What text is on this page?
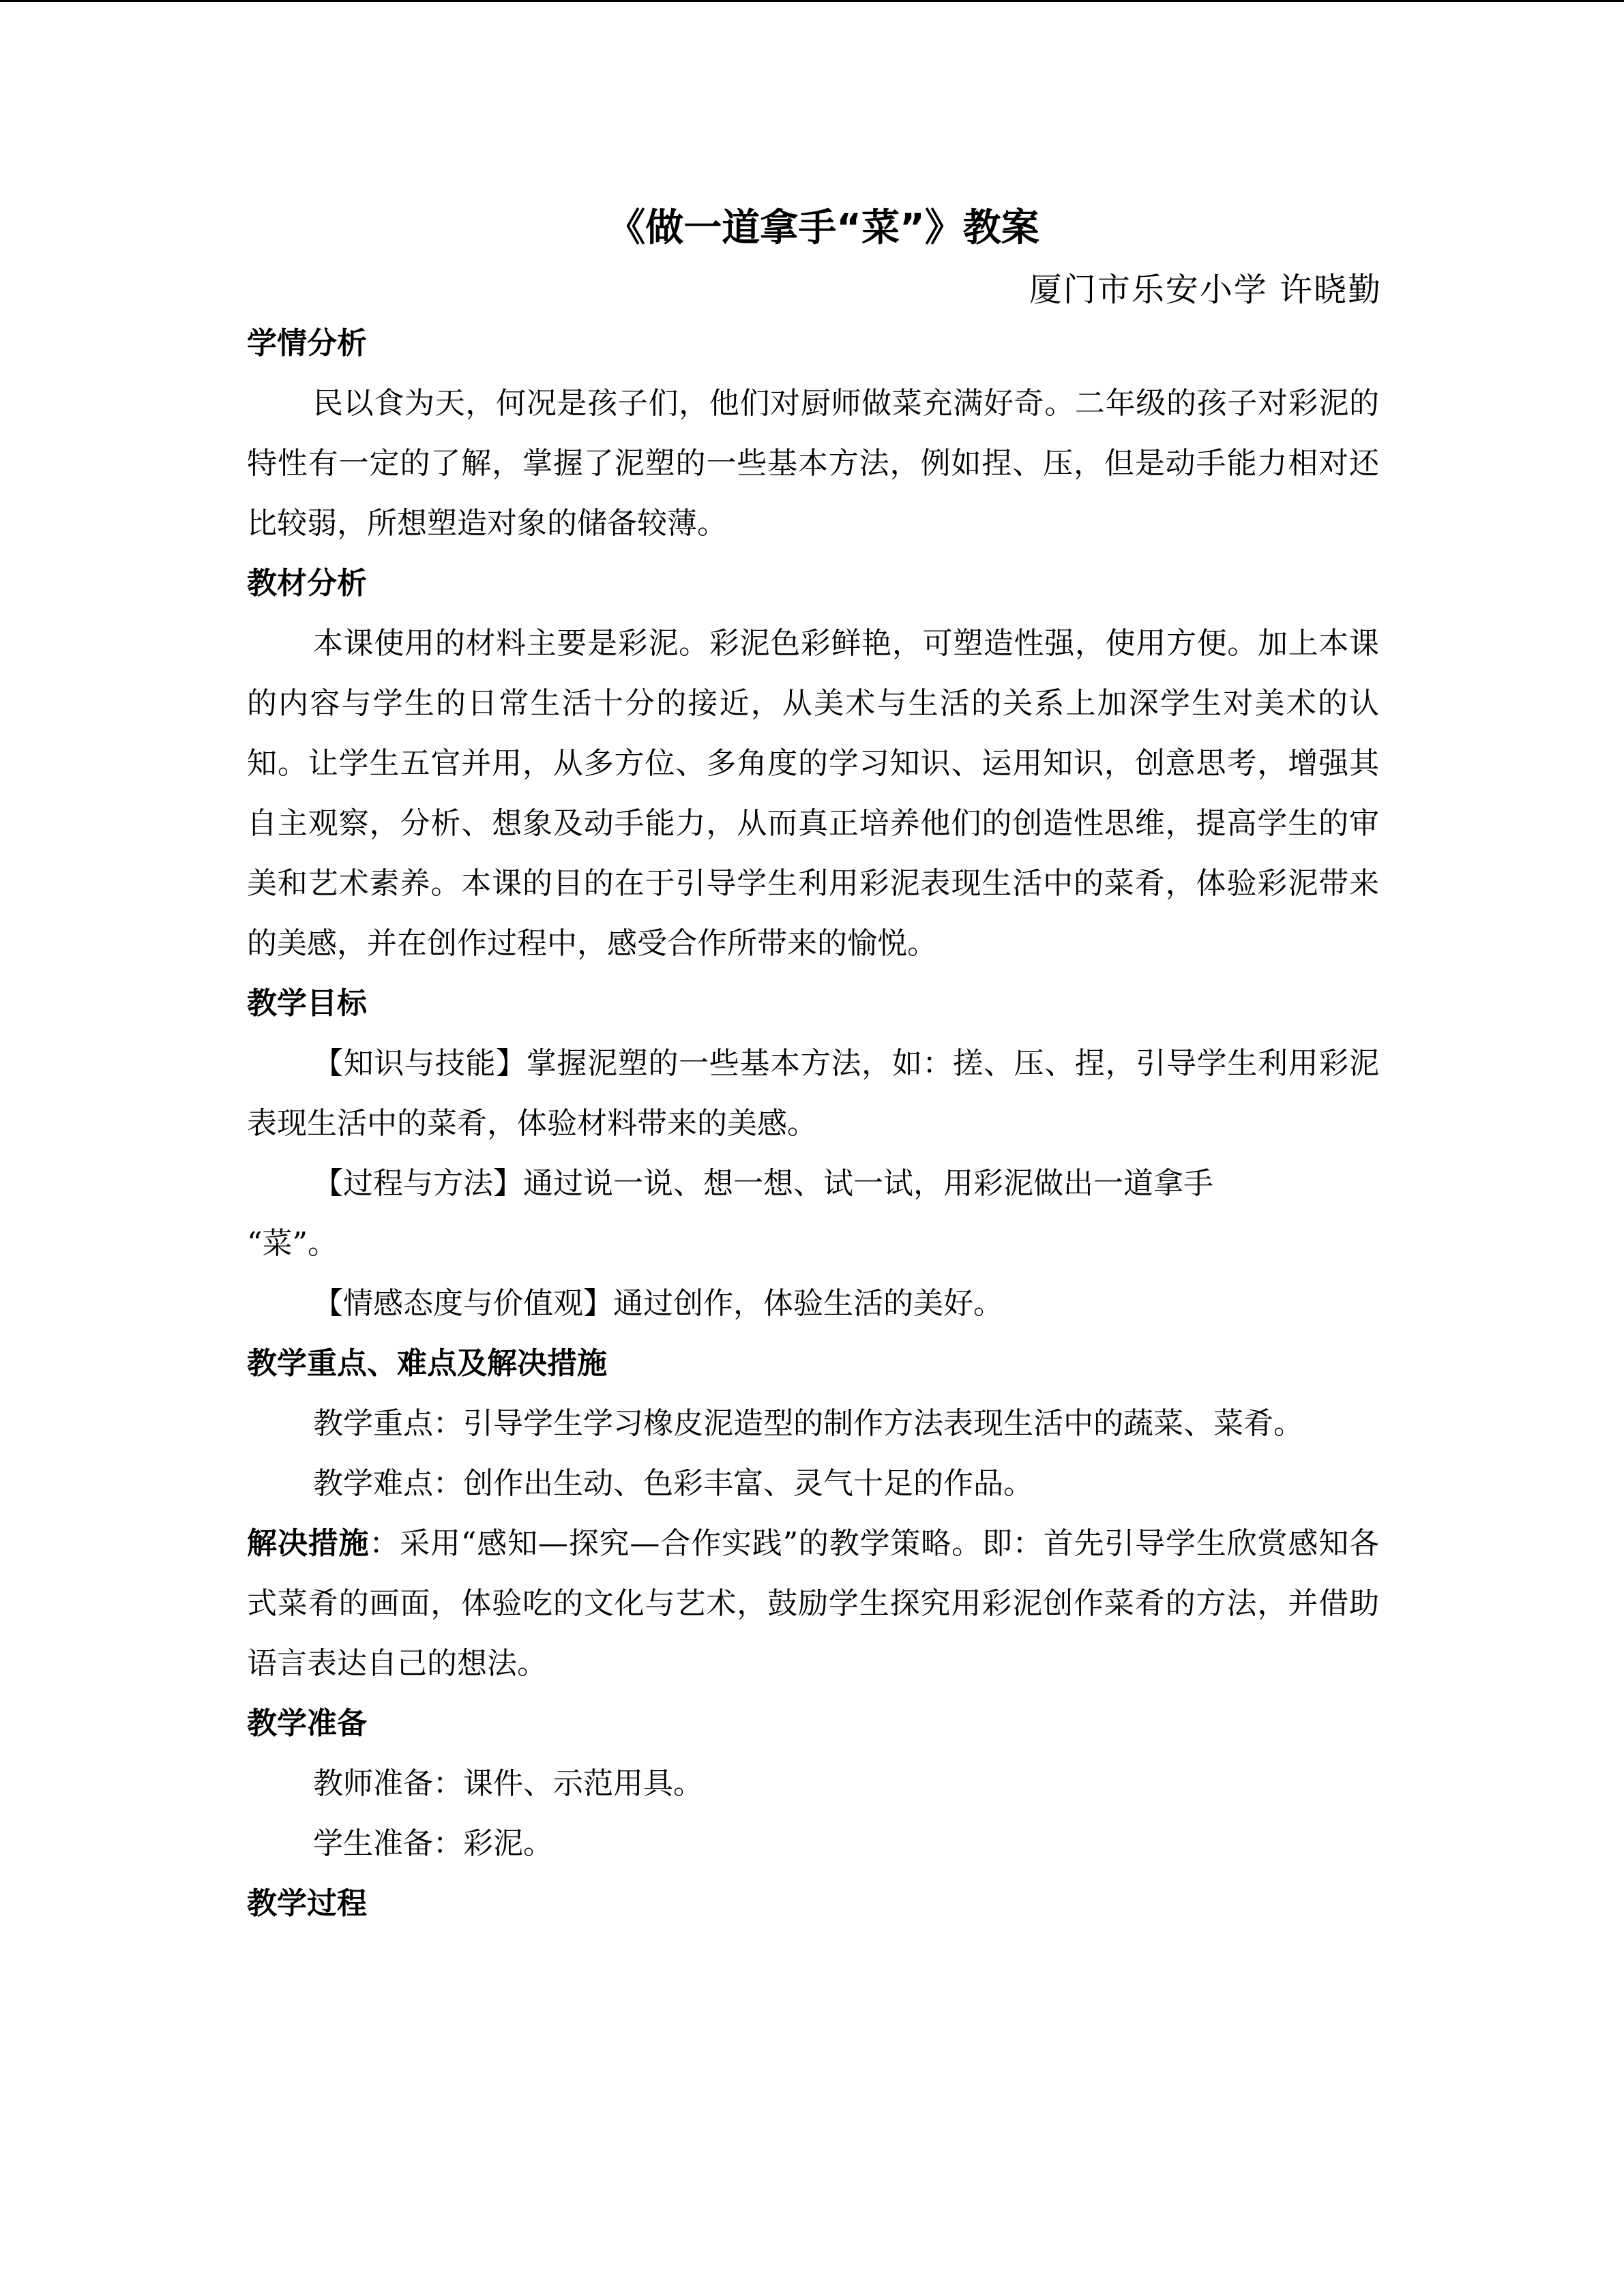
《做一道拿手“菜”》教案
厦门市乐安小学 许晓勤
学情分析

民以食为天，何况是孩子们，他们对厨师做菜充满好奇。二年级的孩子对彩泥的特性有一定的了解，掌握了泥塑的一些基本方法，例如捏、压，但是动手能力相对还比较弱，所想塑造对象的储备较薄。

教材分析

本课使用的材料主要是彩泥。彩泥色彩鲜艳，可塑造性强，使用方便。加上本课的内容与学生的日常生活十分的接近，从美术与生活的关系上加深学生对美术的认知。让学生五官并用，从多方位、多角度的学习知识、运用知识，创意思考，增强其自主观察，分析、想象及动手能力，从而真正培养他们的创造性思维，提高学生的审美和艺术素养。本课的目的在于引导学生利用彩泥表现生活中的菜肴，体验彩泥带来的美感，并在创作过程中，感受合作所带来的愉悦。

教学目标

【知识与技能】掌握泥塑的一些基本方法，如：搓、压、捏，引导学生利用彩泥表现生活中的菜肴，体验材料带来的美感。

【过程与方法】通过说一说、想一想、试一试，用彩泥做出一道拿手

“菜”。

【情感态度与价值观】通过创作，体验生活的美好。

教学重点、难点及解决措施

教学重点：引导学生学习橡皮泥造型的制作方法表现生活中的蔬菜、菜肴。

教学难点：创作出生动、色彩丰富、灵气十足的作品。

解决措施：采用“感知—探究—合作实践”的教学策略。即：首先引导学生欣赏感知各式菜肴的画面，体验吃的文化与艺术，鼓励学生探究用彩泥创作菜肴的方法，并借助语言表达自己的想法。

教学准备

教师准备：课件、示范用具。

学生准备：彩泥。

教学过程
